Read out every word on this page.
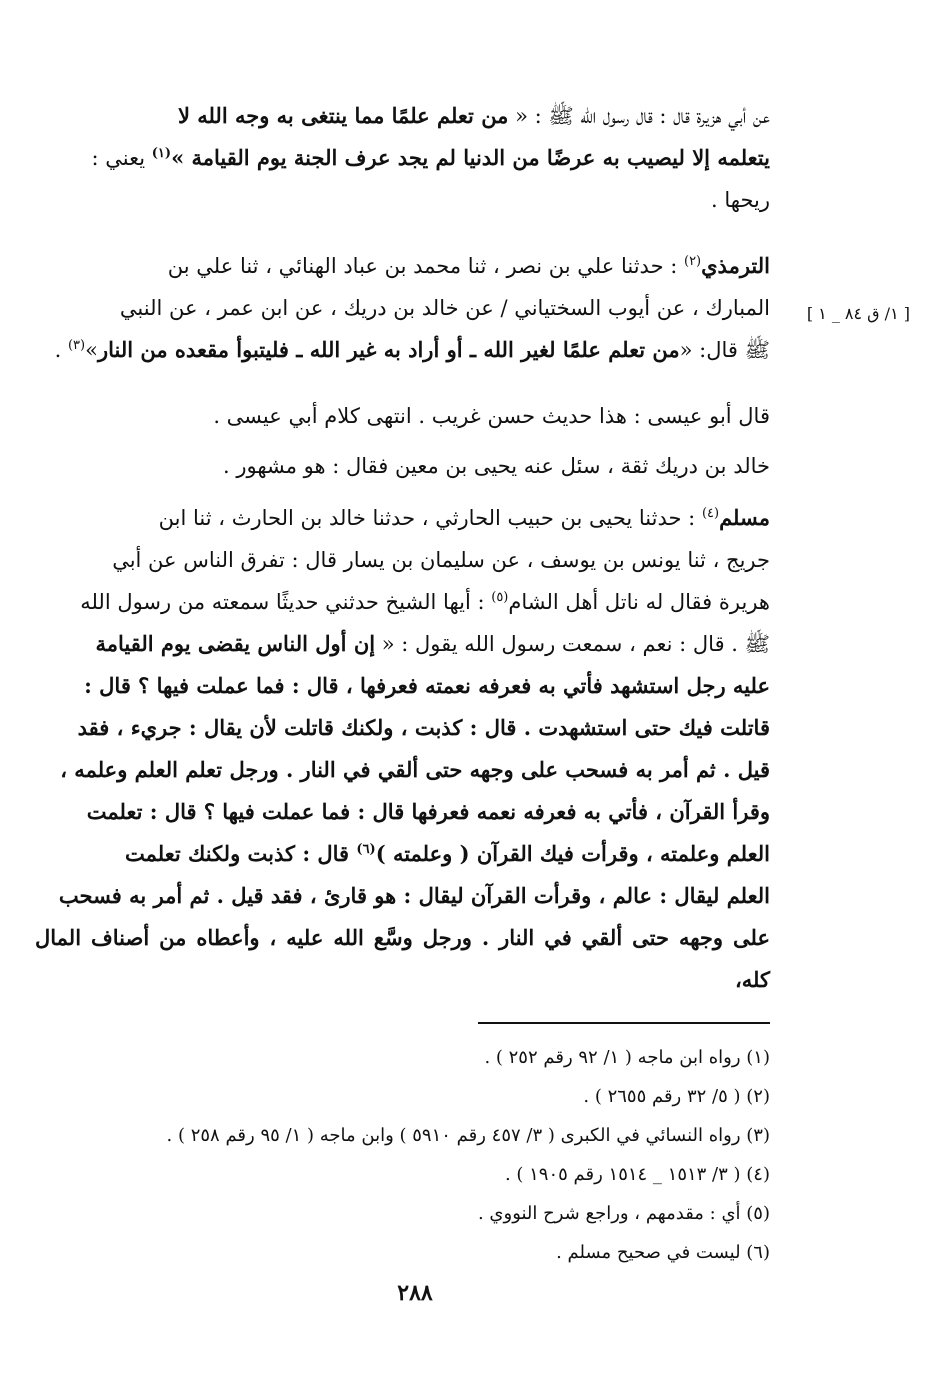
[ ١/ ق ٨٤ _ ١ ]
عن أبي هزيرة قال : قال رسول الله ﷺ : « من تعلم علمًا مما ينتغى به وجه الله لا
يتعلمه إلا ليصيب به عرضًا من الدنيا لم يجد عرف الجنة يوم القيامة »$^{(١)}$ يعني :
ريحها .
الترمذي$^{(٢)}$ : حدثنا علي بن نصر ، ثنا محمد بن عباد الهنائي ، ثنا علي بن
المبارك ، عن أيوب السختياني / عن خالد بن دريك ، عن ابن عمر ، عن النبي
ﷺ قال: «من تعلم علمًا لغير الله ـ أو أراد به غير الله ـ فليتبوأ مقعده من النار»$^{(٣)}$ .
قال أبو عيسى : هذا حديث حسن غريب . انتهى كلام أبي عيسى .
خالد بن دريك ثقة ، سئل عنه يحيى بن معين فقال : هو مشهور .
مسلم$^{(٤)}$ : حدثنا يحيى بن حبيب الحارثي ، حدثنا خالد بن الحارث ، ثنا ابن
جريج ، ثنا يونس بن يوسف ، عن سليمان بن يسار قال : تفرق الناس عن أبي
هريرة فقال له ناتل أهل الشام$^{(٥)}$ : أيها الشيخ حدثني حديثًا سمعته من رسول الله
ﷺ . قال : نعم ، سمعت رسول الله يقول : « إن أول الناس يقضى يوم القيامة
عليه رجل استشهد فأتي به فعرفه نعمته فعرفها ، قال : فما عملت فيها ؟ قال :
قاتلت فيك حتى استشهدت . قال : كذبت ، ولكنك قاتلت لأن يقال : جريء ، فقد
قيل . ثم أمر به فسحب على وجهه حتى ألقي في النار . ورجل تعلم العلم وعلمه ،
وقرأ القرآن ، فأتي به فعرفه نعمه فعرفها قال : فما عملت فيها ؟ قال : تعلمت
العلم وعلمته ، وقرأت فيك القرآن ( وعلمته )$^{(٦)}$ قال : كذبت ولكنك تعلمت
العلم ليقال : عالم ، وقرأت القرآن ليقال : هو قارئ ، فقد قيل . ثم أمر به فسحب
على وجهه حتى ألقي في النار . ورجل وسَّع الله عليه ، وأعطاه من أصناف المال كله،
(١) رواه ابن ماجه ( ١/ ٩٢ رقم ٢٥٢ ) .
(٢) ( ٥/ ٣٢ رقم ٢٦٥٥ ) .
(٣) رواه النسائي في الكبرى ( ٣/ ٤٥٧ رقم ٥٩١٠ ) وابن ماجه ( ١/ ٩٥ رقم ٢٥٨ ) .
(٤) ( ٣/ ١٥١٣ _ ١٥١٤ رقم ١٩٠٥ ) .
(٥) أي : مقدمهم ، وراجع شرح النووي .
(٦) ليست في صحيح مسلم .
٢٨٨
